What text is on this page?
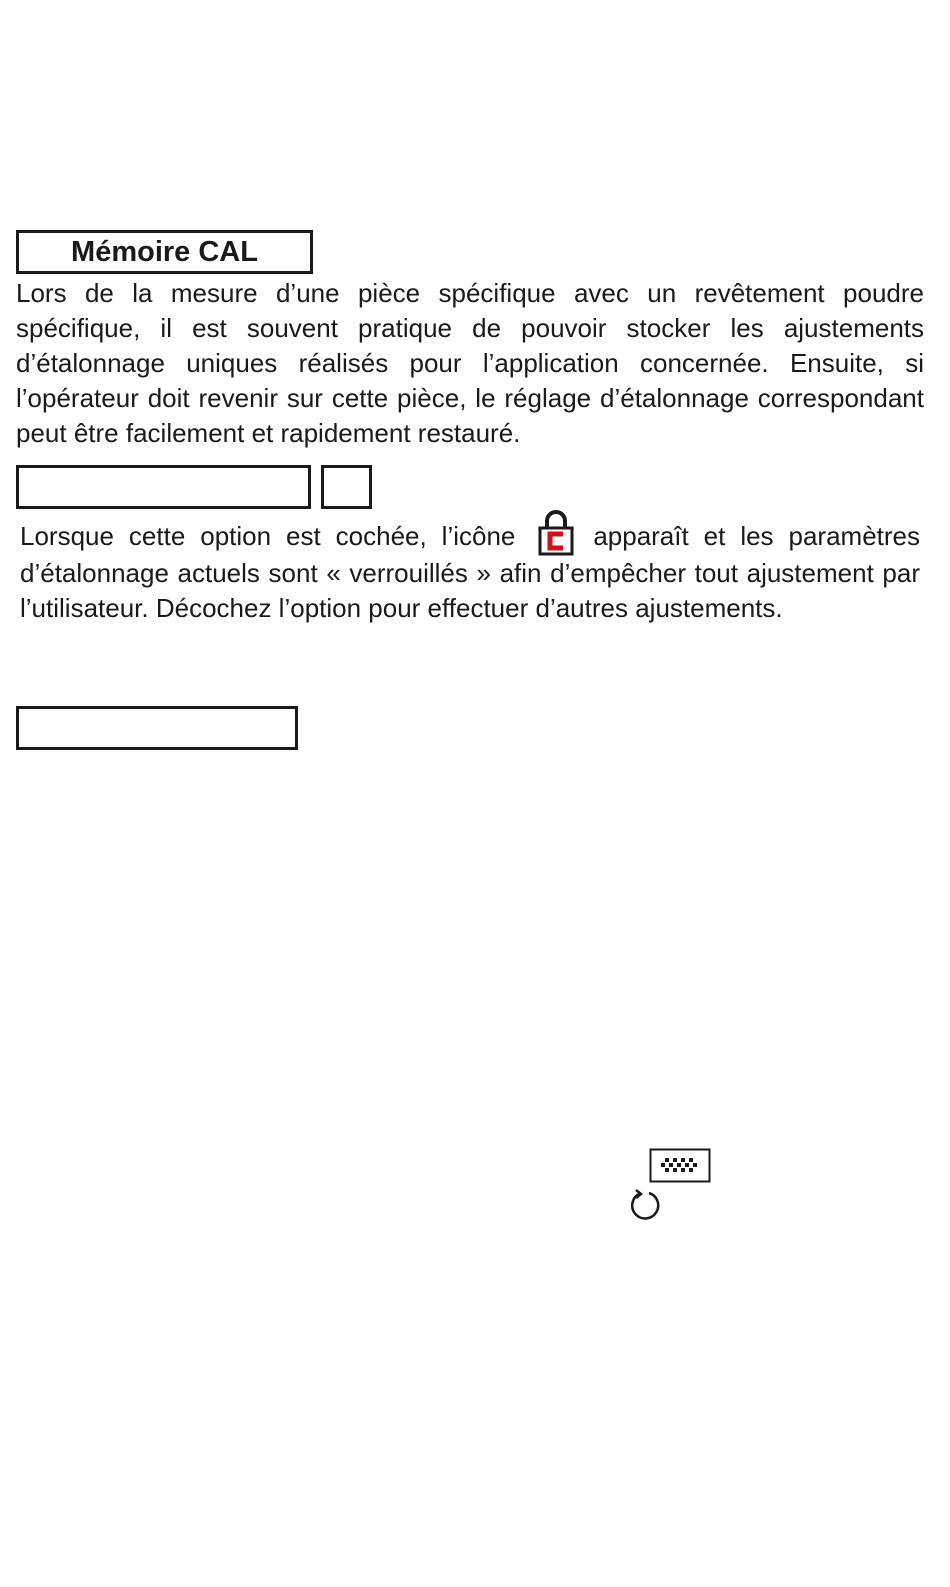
Mémoire CAL

Lors de la mesure d’une pièce spécifique avec un revêtement poudre spécifique, il est souvent pratique de pouvoir stocker les ajustements d’étalonnage uniques réalisés pour l’application concernée. Ensuite, si l’opérateur doit revenir sur cette pièce, le réglage d’étalonnage correspondant peut être facilement et rapidement restauré.

Lorsque cette option est cochée, l’icône
apparaît et les paramètres d’étalonnage actuels sont « verrouillés » afin d’empêcher tout ajustement par l’utilisateur. Décochez l’option pour effectuer d’autres ajustements.
